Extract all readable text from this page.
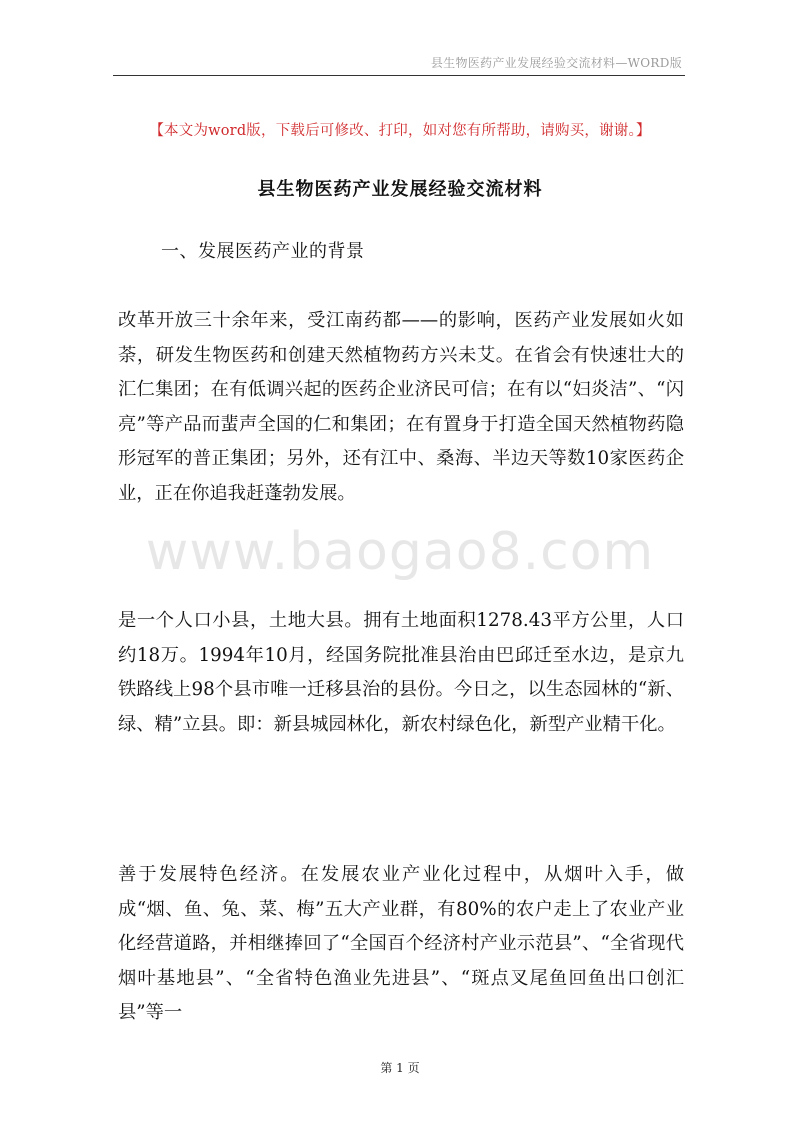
县生物医药产业发展经验交流材料—WORD版
【本文为word版，下载后可修改、打印，如对您有所帮助，请购买，谢谢。】
县生物医药产业发展经验交流材料
一、发展医药产业的背景

改革开放三十余年来，受江南药都——的影响，医药产业发展如火如荼，研发生物医药和创建天然植物药方兴未艾。在省会有快速壮大的汇仁集团；在有低调兴起的医药企业济民可信；在有以“妇炎洁”、“闪亮”等产品而蜚声全国的仁和集团；在有置身于打造全国天然植物药隐形冠军的普正集团；另外，还有江中、桑海、半边天等数10家医药企业，正在你追我赶蓬勃发展。

是一个人口小县，土地大县。拥有土地面积1278.43平方公里，人口约18万。1994年10月，经国务院批准县治由巴邱迁至水边，是京九铁路线上98个县市唯一迁移县治的县份。今日之，以生态园林的“新、绿、精”立县。即：新县城园林化，新农村绿色化，新型产业精干化。

善于发展特色经济。在发展农业产业化过程中，从烟叶入手，做成“烟、鱼、兔、菜、梅”五大产业群，有80%的农户走上了农业产业化经营道路，并相继捧回了“全国百个经济村产业示范县”、“全省现代烟叶基地县”、“全省特色渔业先进县”、“斑点叉尾鱼回鱼出口创汇县”等一

www.baogao8.com
第 1 页
